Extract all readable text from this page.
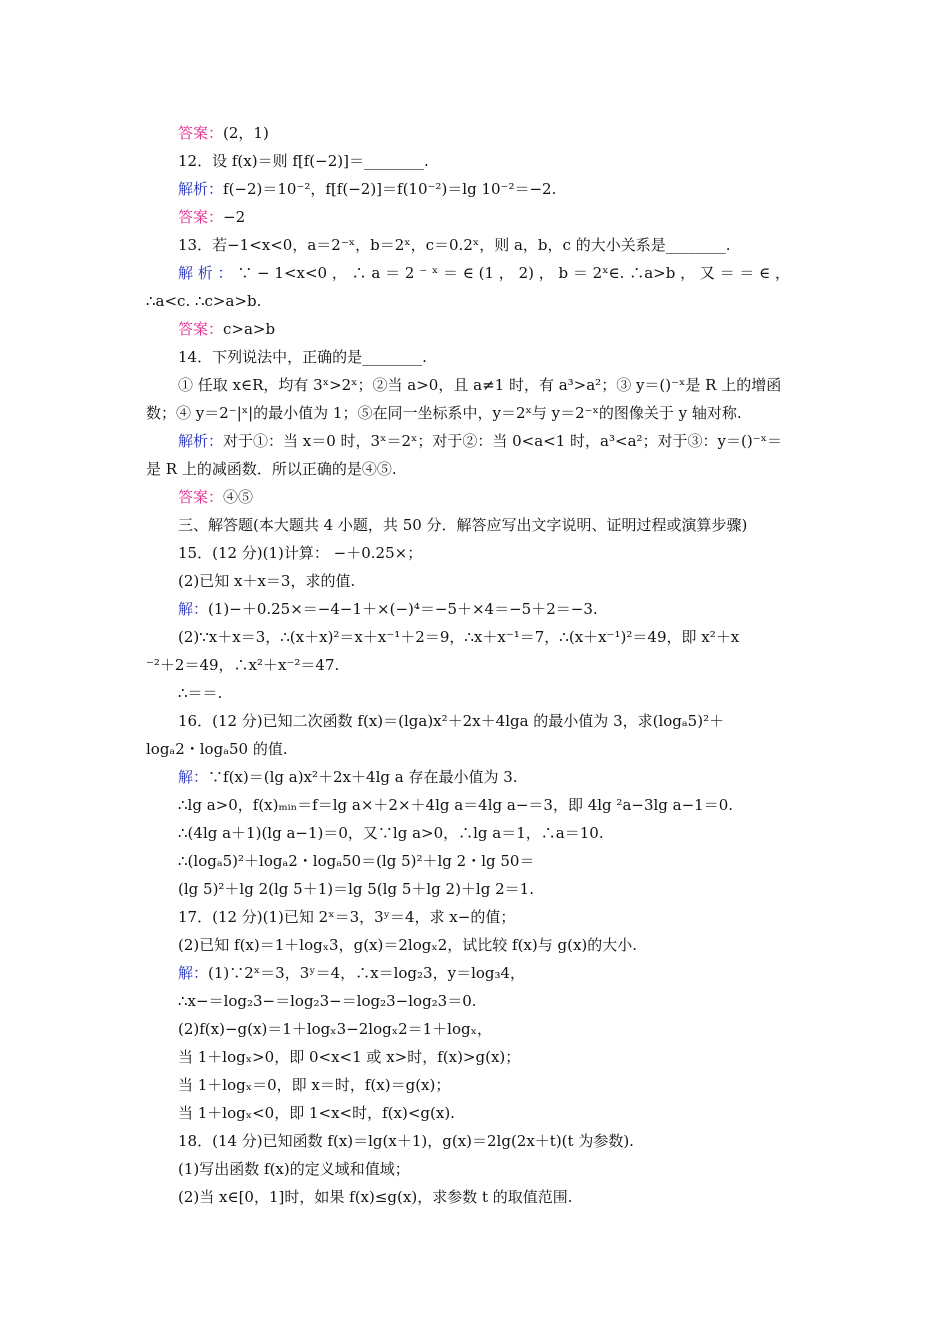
答案：(2，1)
12．设 f(x)＝则 f[f(−2)]＝________.
解析：f(−2)＝10⁻²，f[f(−2)]＝f(10⁻²)＝lg 10⁻²＝−2.
答案：−2
13．若−1<x<0，a＝2⁻ˣ，b＝2ˣ，c＝0.2ˣ，则 a，b，c 的大小关系是________.
解 析 ： ∵ − 1<x<0 ， ∴ a ＝ 2 ⁻ ˣ ＝ ∈ (1 ， 2) ， b ＝ 2ˣ∈. ∴a>b ， 又 ＝ ＝ ∈ ，
∴a<c. ∴c>a>b.
答案：c>a>b
14．下列说法中，正确的是________.
① 任取 x∈R，均有 3ˣ>2ˣ；②当 a>0，且 a≠1 时，有 a³>a²；③ y＝()⁻ˣ是 R 上的增函
数；④ y＝2⁻|ˣ|的最小值为 1；⑤在同一坐标系中，y＝2ˣ与 y＝2⁻ˣ的图像关于 y 轴对称.
解析：对于①：当 x＝0 时，3ˣ＝2ˣ；对于②：当 0<a<1 时，a³<a²；对于③：y＝()⁻ˣ＝
是 R 上的减函数．所以正确的是④⑤.
答案：④⑤
三、解答题(本大题共 4 小题，共 50 分．解答应写出文字说明、证明过程或演算步骤)
15．(12 分)(1)计算： −＋0.25×；
(2)已知 x＋x＝3，求的值.
解：(1)−＋0.25×＝−4−1＋×(−)⁴＝−5＋×4＝−5＋2＝−3.
(2)∵x＋x＝3，∴(x＋x)²＝x＋x⁻¹＋2＝9，∴x＋x⁻¹＝7，∴(x＋x⁻¹)²＝49，即 x²＋x
⁻²＋2＝49，∴x²＋x⁻²＝47.
∴＝＝.
16．(12 分)已知二次函数 f(x)＝(lga)x²＋2x＋4lga 的最小值为 3，求(logₐ5)²＋
logₐ2・logₐ50 的值.
解：∵f(x)＝(lg a)x²＋2x＋4lg a 存在最小值为 3.
∴lg a>0，f(x)ₘᵢₙ＝f＝lg a×＋2×＋4lg a＝4lg a−＝3，即 4lg ²a−3lg a−1＝0.
∴(4lg a＋1)(lg a−1)＝0，又∵lg a>0，∴lg a＝1，∴a＝10.
∴(logₐ5)²＋logₐ2・logₐ50＝(lg 5)²＋lg 2・lg 50＝
(lg 5)²＋lg 2(lg 5＋1)＝lg 5(lg 5＋lg 2)＋lg 2＝1.
17．(12 分)(1)已知 2ˣ＝3，3ʸ＝4，求 x−的值；
(2)已知 f(x)＝1＋logₓ3，g(x)＝2logₓ2，试比较 f(x)与 g(x)的大小.
解：(1)∵2ˣ＝3，3ʸ＝4，∴x＝log₂3，y＝log₃4，
∴x−＝log₂3−＝log₂3−＝log₂3−log₂3＝0.
(2)f(x)−g(x)＝1＋logₓ3−2logₓ2＝1＋logₓ，
当 1＋logₓ>0，即 0<x<1 或 x>时，f(x)>g(x)；
当 1＋logₓ＝0，即 x＝时，f(x)＝g(x)；
当 1＋logₓ<0，即 1<x<时，f(x)<g(x).
18．(14 分)已知函数 f(x)＝lg(x＋1)，g(x)＝2lg(2x＋t)(t 为参数).
(1)写出函数 f(x)的定义域和值域；
(2)当 x∈[0，1]时，如果 f(x)≤g(x)，求参数 t 的取值范围.
